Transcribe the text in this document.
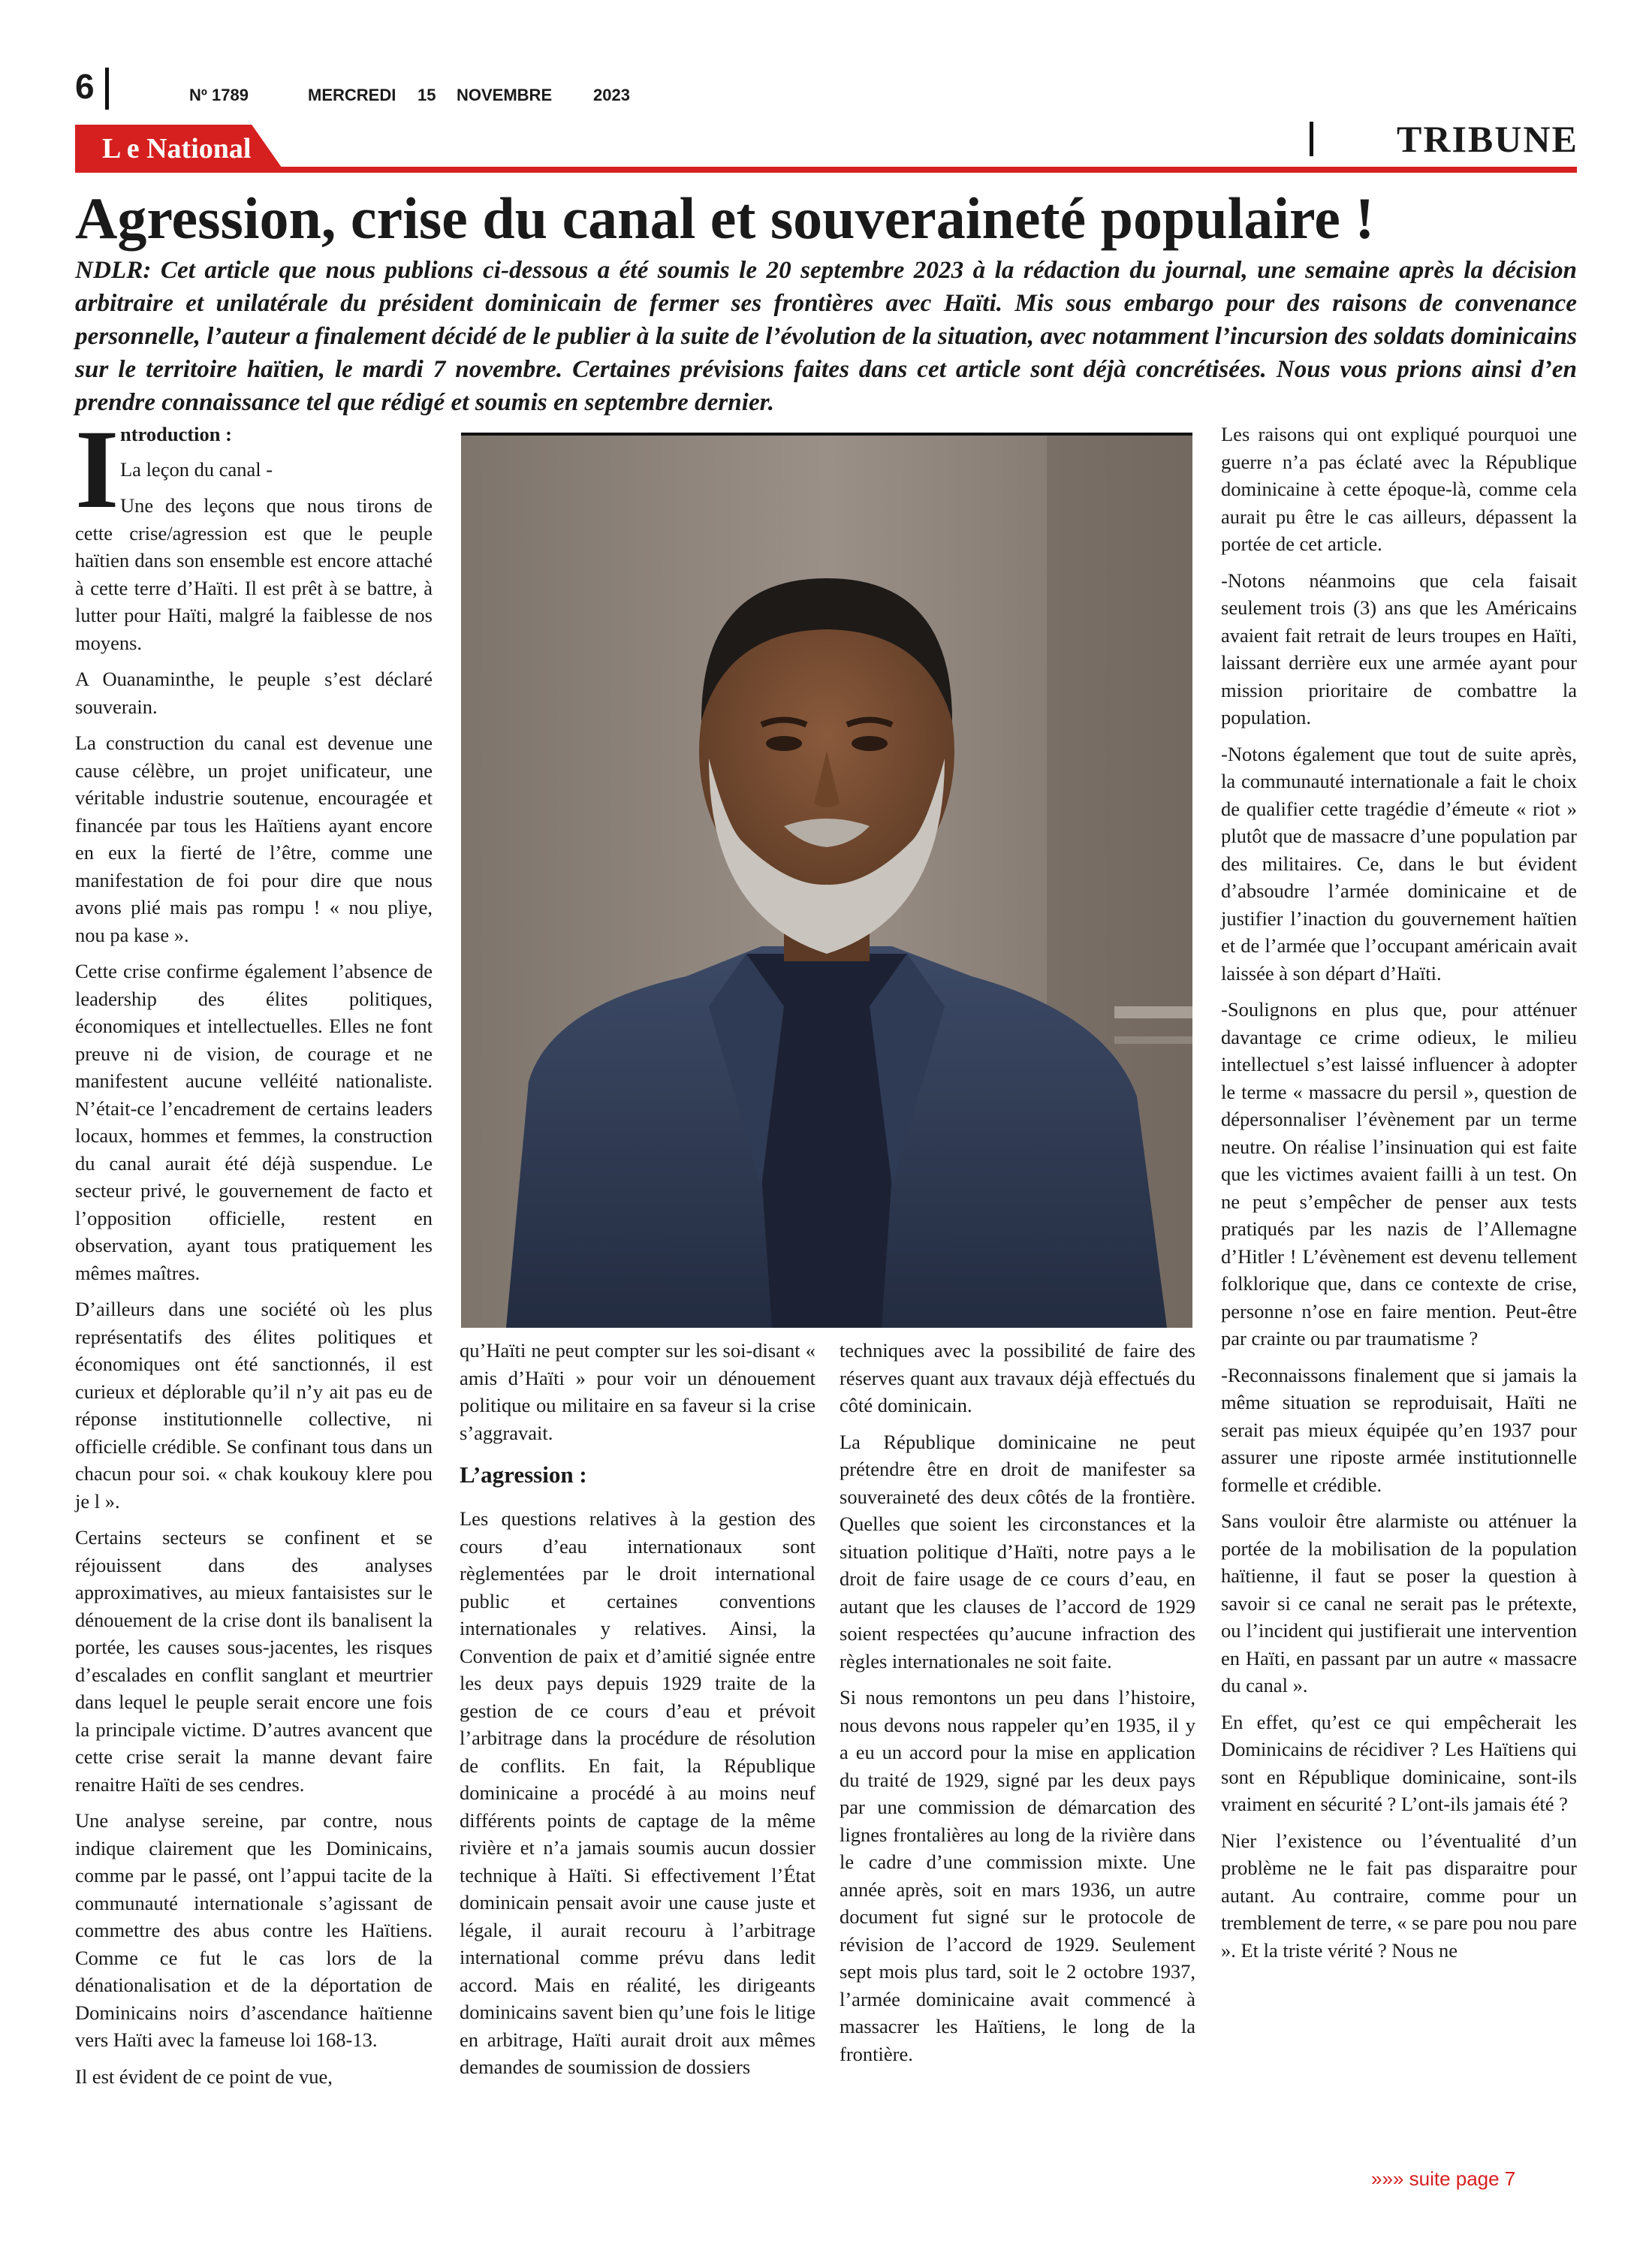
6	Nº 1789	MERCREDI 15 NOVEMBRE 2023
L e National	TRIBUNE
Agression, crise du canal et souveraineté populaire !
NDLR: Cet article que nous publions ci-dessous a été soumis le 20 septembre 2023 à la rédaction du journal, une semaine après la décision arbitraire et unilatérale du président dominicain de fermer ses frontières avec Haïti. Mis sous embargo pour des raisons de convenance personnelle, l’auteur a finalement décidé de le publier à la suite de l’évolution de la situation, avec notamment l’incursion des soldats dominicains sur le territoire haïtien, le mardi 7 novembre. Certaines prévisions faites dans cet article sont déjà concrétisées. Nous vous prions ainsi d’en prendre connaissance tel que rédigé et soumis en septembre dernier.
I ntroduction :

La leçon du canal -

Une des leçons que nous tirons de cette crise/agression est que le peuple haïtien dans son ensemble est encore attaché à cette terre d’Haïti. Il est prêt à se battre, à lutter pour Haïti, malgré la faiblesse de nos moyens.

A Ouanaminthe, le peuple s’est déclaré souverain.

La construction du canal est devenue une cause célèbre, un projet unificateur, une véritable industrie soutenue, encouragée et financée par tous les Haïtiens ayant encore en eux la fierté de l’être, comme une manifestation de foi pour dire que nous avons plié mais pas rompu ! « nou pliye, nou pa kase ».

Cette crise confirme également l’absence de leadership des élites politiques, économiques et intellectuelles. Elles ne font preuve ni de vision, de courage et ne manifestent aucune velléité nationaliste. N’était-ce l’encadrement de certains leaders locaux, hommes et femmes, la construction du canal aurait été déjà suspendue. Le secteur privé, le gouvernement de facto et l’opposition officielle, restent en observation, ayant tous pratiquement les mêmes maîtres.

D’ailleurs dans une société où les plus représentatifs des élites politiques et économiques ont été sanctionnés, il est curieux et déplorable qu’il n’y ait pas eu de réponse institutionnelle collective, ni officielle crédible. Se confinant tous dans un chacun pour soi. « chak koukouy klere pou je l ».

Certains secteurs se confinent et se réjouissent dans des analyses approximatives, au mieux fantaisistes sur le dénouement de la crise dont ils banalisent la portée, les causes sous-jacentes, les risques d’escalades en conflit sanglant et meurtrier dans lequel le peuple serait encore une fois la principale victime. D’autres avancent que cette crise serait la manne devant faire renaitre Haïti de ses cendres.

Une analyse sereine, par contre, nous indique clairement que les Dominicains, comme par le passé, ont l’appui tacite de la communauté internationale s’agissant de commettre des abus contre les Haïtiens. Comme ce fut le cas lors de la dénationalisation et de la déportation de Dominicains noirs d’ascendance haïtienne vers Haïti avec la fameuse loi 168-13.

Il est évident de ce point de vue,

qu’Haïti ne peut compter sur les soi-disant « amis d’Haïti » pour voir un dénouement politique ou militaire en sa faveur si la crise s’aggravait.

L’agression :

Les questions relatives à la gestion des cours d’eau internationaux sont règlementées par le droit international public et certaines conventions internationales y relatives. Ainsi, la Convention de paix et d’amitié signée entre les deux pays depuis 1929 traite de la gestion de ce cours d’eau et prévoit l’arbitrage dans la procédure de résolution de conflits. En fait, la République dominicaine a procédé à au moins neuf différents points de captage de la même rivière et n’a jamais soumis aucun dossier technique à Haïti. Si effectivement l’État dominicain pensait avoir une cause juste et légale, il aurait recouru à l’arbitrage international comme prévu dans ledit accord. Mais en réalité, les dirigeants dominicains savent bien qu’une fois le litige en arbitrage, Haïti aurait droit aux mêmes demandes de soumission de dossiers

techniques avec la possibilité de faire des réserves quant aux travaux déjà effectués du côté dominicain.

La République dominicaine ne peut prétendre être en droit de manifester sa souveraineté des deux côtés de la frontière. Quelles que soient les circonstances et la situation politique d’Haïti, notre pays a le droit de faire usage de ce cours d’eau, en autant que les clauses de l’accord de 1929 soient respectées qu’aucune infraction des règles internationales ne soit faite.

Si nous remontons un peu dans l’histoire, nous devons nous rappeler qu’en 1935, il y a eu un accord pour la mise en application du traité de 1929, signé par les deux pays par une commission de démarcation des lignes frontalières au long de la rivière dans le cadre d’une commission mixte. Une année après, soit en mars 1936, un autre document fut signé sur le protocole de révision de l’accord de 1929. Seulement sept mois plus tard, soit le 2 octobre 1937, l’armée dominicaine avait commencé à massacrer les Haïtiens, le long de la frontière.

Les raisons qui ont expliqué pourquoi une guerre n’a pas éclaté avec la République dominicaine à cette époque-là, comme cela aurait pu être le cas ailleurs, dépassent la portée de cet article.

-Notons néanmoins que cela faisait seulement trois (3) ans que les Américains avaient fait retrait de leurs troupes en Haïti, laissant derrière eux une armée ayant pour mission prioritaire de combattre la population.

-Notons également que tout de suite après, la communauté internationale a fait le choix de qualifier cette tragédie d’émeute « riot » plutôt que de massacre d’une population par des militaires. Ce, dans le but évident d’absoudre l’armée dominicaine et de justifier l’inaction du gouvernement haïtien et de l’armée que l’occupant américain avait laissée à son départ d’Haïti.

-Soulignons en plus que, pour atténuer davantage ce crime odieux, le milieu intellectuel s’est laissé influencer à adopter le terme « massacre du persil », question de dépersonnaliser l’évènement par un terme neutre. On réalise l’insinuation qui est faite que les victimes avaient failli à un test. On ne peut s’empêcher de penser aux tests pratiqués par les nazis de l’Allemagne d’Hitler ! L’évènement est devenu tellement folklorique que, dans ce contexte de crise, personne n’ose en faire mention. Peut-être par crainte ou par traumatisme ?

-Reconnaissons finalement que si jamais la même situation se reproduisait, Haïti ne serait pas mieux équipée qu’en 1937 pour assurer une riposte armée institutionnelle formelle et crédible.

Sans vouloir être alarmiste ou atténuer la portée de la mobilisation de la population haïtienne, il faut se poser la question à savoir si ce canal ne serait pas le prétexte, ou l’incident qui justifierait une intervention en Haïti, en passant par un autre « massacre du canal ».

En effet, qu’est ce qui empêcherait les Dominicains de récidiver ? Les Haïtiens qui sont en République dominicaine, sont-ils vraiment en sécurité ? L’ont-ils jamais été ?

Nier l’existence ou l’éventualité d’un problème ne le fait pas disparaitre pour autant. Au contraire, comme pour un tremblement de terre, « se pare pou nou pare ». Et la triste vérité ? Nous ne

»»» suite page 7
